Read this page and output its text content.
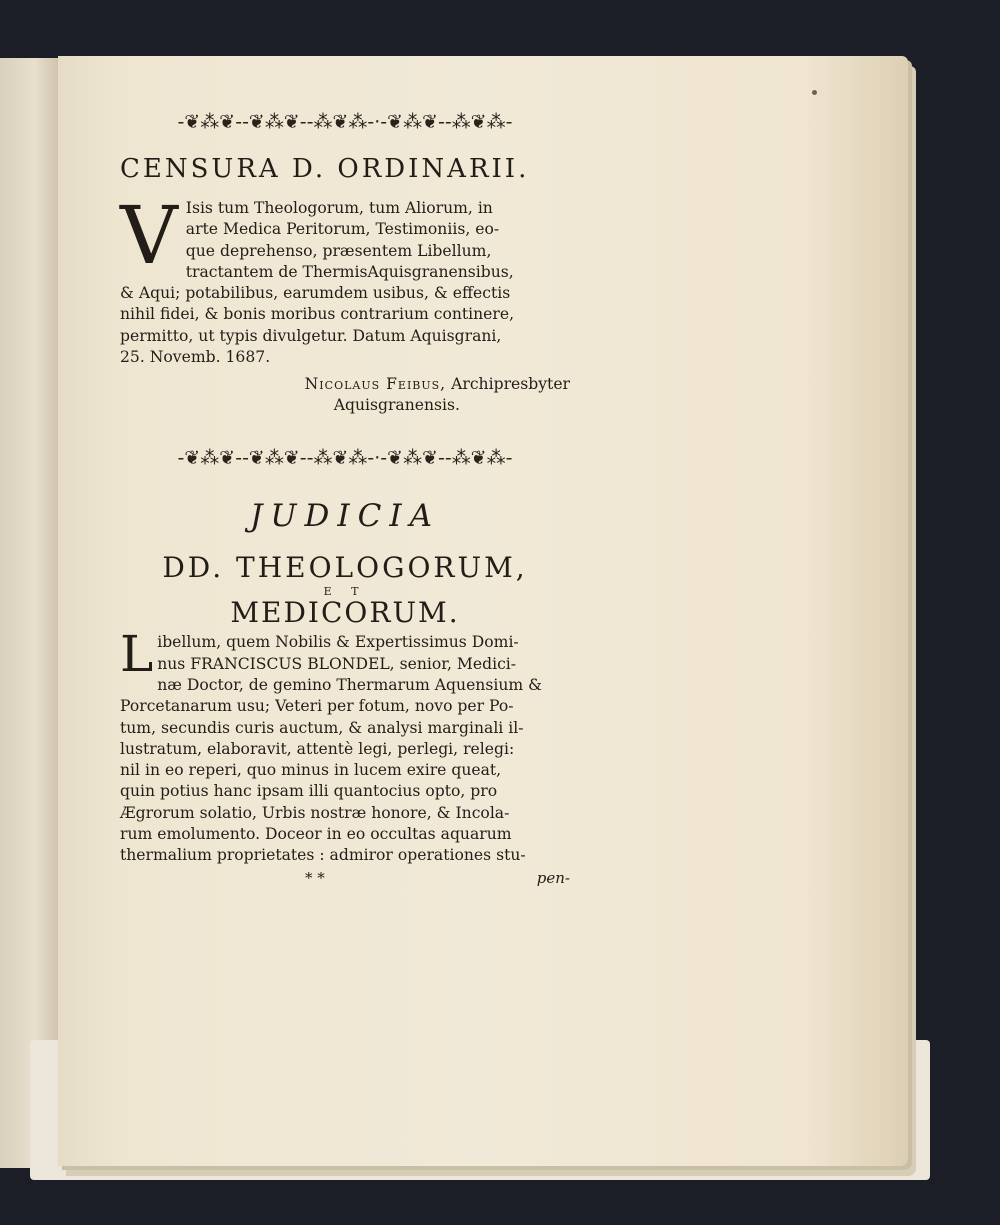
-❦⁂❦--❦⁂❦--⁂❦⁂-·-❦⁂❦--⁂❦⁂-
CENSURA D. ORDINARII.
V Isis tum Theologorum, tum Aliorum, in
arte Medica Peritorum, Testimoniis, eo-
que deprehenso, præsentem Libellum,
tractantem de ThermisAquisgranensibus,
& Aqui; potabilibus, earumdem usibus, & effectis
nihil fidei, & bonis moribus contrarium continere,
permitto, ut typis divulgetur. Datum Aquisgrani,
25. Novemb. 1687.
Nicolaus Feibus, Archipresbyter
Aquisgranensis.
-❦⁂❦--❦⁂❦--⁂❦⁂-·-❦⁂❦--⁂❦⁂-
JUDICIA
DD. THEOLOGORUM,
E T
MEDICORUM.
L ibellum, quem Nobilis & Expertissimus Domi-
nus FRANCISCUS BLONDEL, senior, Medici-
næ Doctor, de gemino Thermarum Aquensium &
Porcetanarum usu; Veteri per fotum, novo per Po-
tum, secundis curis auctum, & analysi marginali il-
lustratum, elaboravit, attentè legi, perlegi, relegi:
nil in eo reperi, quo minus in lucem exire queat,
quin potius hanc ipsam illi quantocius opto, pro
Ægrorum solatio, Urbis nostræ honore, & Incola-
rum emolumento. Doceor in eo occultas aquarum
thermalium proprietates : admiror operationes stu-
* *	pen-
